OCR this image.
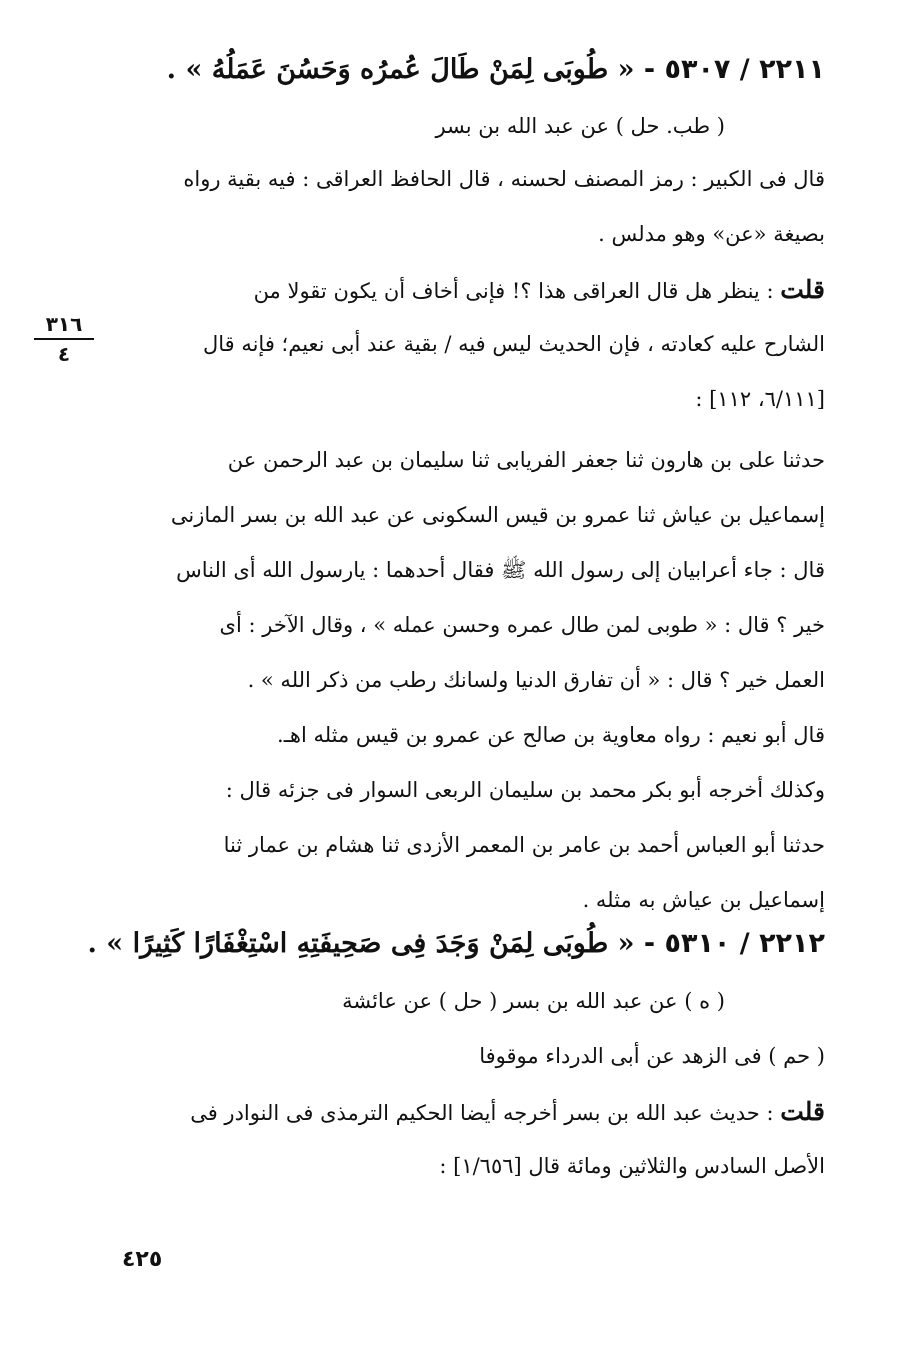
٣١٦
٤
٢٢١١ / ٥٣٠٧ - « طُوبَى لِمَنْ طَالَ عُمرُه وَحَسُنَ عَمَلُهُ » .
( طب. حل ) عن عبد الله بن بسر
قال فى الكبير : رمز المصنف لحسنه ، قال الحافظ العراقى : فيه بقية رواه
بصيغة «عن» وهو مدلس .
قلت : ينظر هل قال العراقى هذا ؟! فإنى أخاف أن يكون تقولا من
الشارح عليه كعادته ، فإن الحديث ليس فيه / بقية عند أبى نعيم؛ فإنه قال
[٦/١١١، ١١٢] :
حدثنا على بن هارون ثنا جعفر الفريابى ثنا سليمان بن عبد الرحمن عن
إسماعيل بن عياش ثنا عمرو بن قيس السكونى عن عبد الله بن بسر المازنى
قال : جاء أعرابيان إلى رسول الله ﷺ فقال أحدهما : يارسول الله أى الناس
خير ؟ قال : « طوبى لمن طال عمره وحسن عمله » ، وقال الآخر : أى
العمل خير ؟ قال : « أن تفارق الدنيا ولسانك رطب من ذكر الله » .
قال أبو نعيم : رواه معاوية بن صالح عن عمرو بن قيس مثله اهـ.
وكذلك أخرجه أبو بكر محمد بن سليمان الربعى السوار فى جزئه قال :
حدثنا أبو العباس أحمد بن عامر بن المعمر الأزدى ثنا هشام بن عمار ثنا
إسماعيل بن عياش به مثله .
٢٢١٢ / ٥٣١٠ - « طُوبَى لِمَنْ وَجَدَ فِى صَحِيفَتِهِ اسْتِغْفَارًا كَثِيرًا » .
( ه ) عن عبد الله بن بسر ( حل ) عن عائشة
( حم ) فى الزهد عن أبى الدرداء موقوفا
قلت : حديث عبد الله بن بسر أخرجه أيضا الحكيم الترمذى فى النوادر فى
الأصل السادس والثلاثين ومائة قال [١/٦٥٦] :
٤٢٥
